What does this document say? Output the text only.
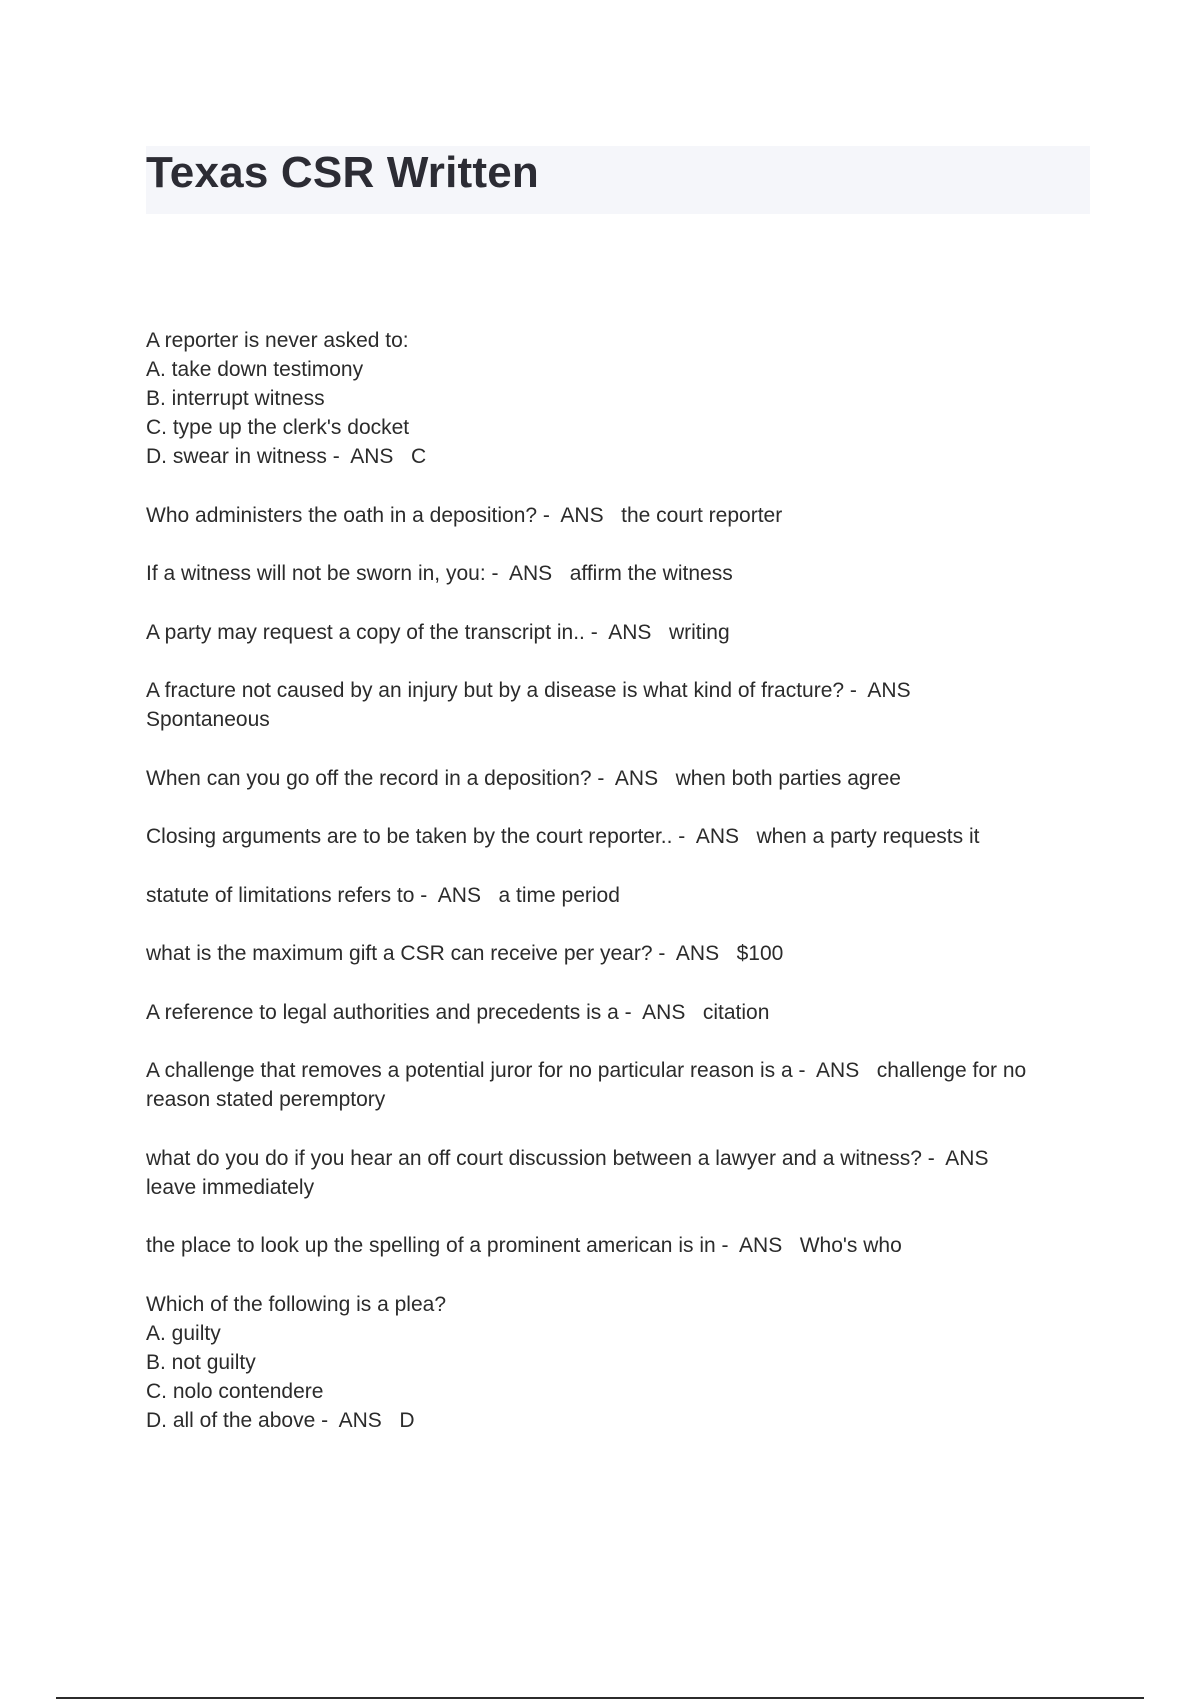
Texas CSR Written
A reporter is never asked to:
A. take down testimony
B. interrupt witness
C. type up the clerk's docket
D. swear in witness -  ANS C
Who administers the oath in a deposition? -  ANS the court reporter
If a witness will not be sworn in, you: -  ANS affirm the witness
A party may request a copy of the transcript in.. -  ANS writing
A fracture not caused by an injury but by a disease is what kind of fracture? -  ANS
Spontaneous
When can you go off the record in a deposition? -  ANS when both parties agree
Closing arguments are to be taken by the court reporter.. -  ANS when a party requests it
statute of limitations refers to -  ANS a time period
what is the maximum gift a CSR can receive per year? -  ANS $100
A reference to legal authorities and precedents is a -  ANS citation
A challenge that removes a potential juror for no particular reason is a -  ANS challenge for no
reason stated peremptory
what do you do if you hear an off court discussion between a lawyer and a witness? -  ANS
leave immediately
the place to look up the spelling of a prominent american is in -  ANS Who's who
Which of the following is a plea?
A. guilty
B. not guilty
C. nolo contendere
D. all of the above -  ANS D
